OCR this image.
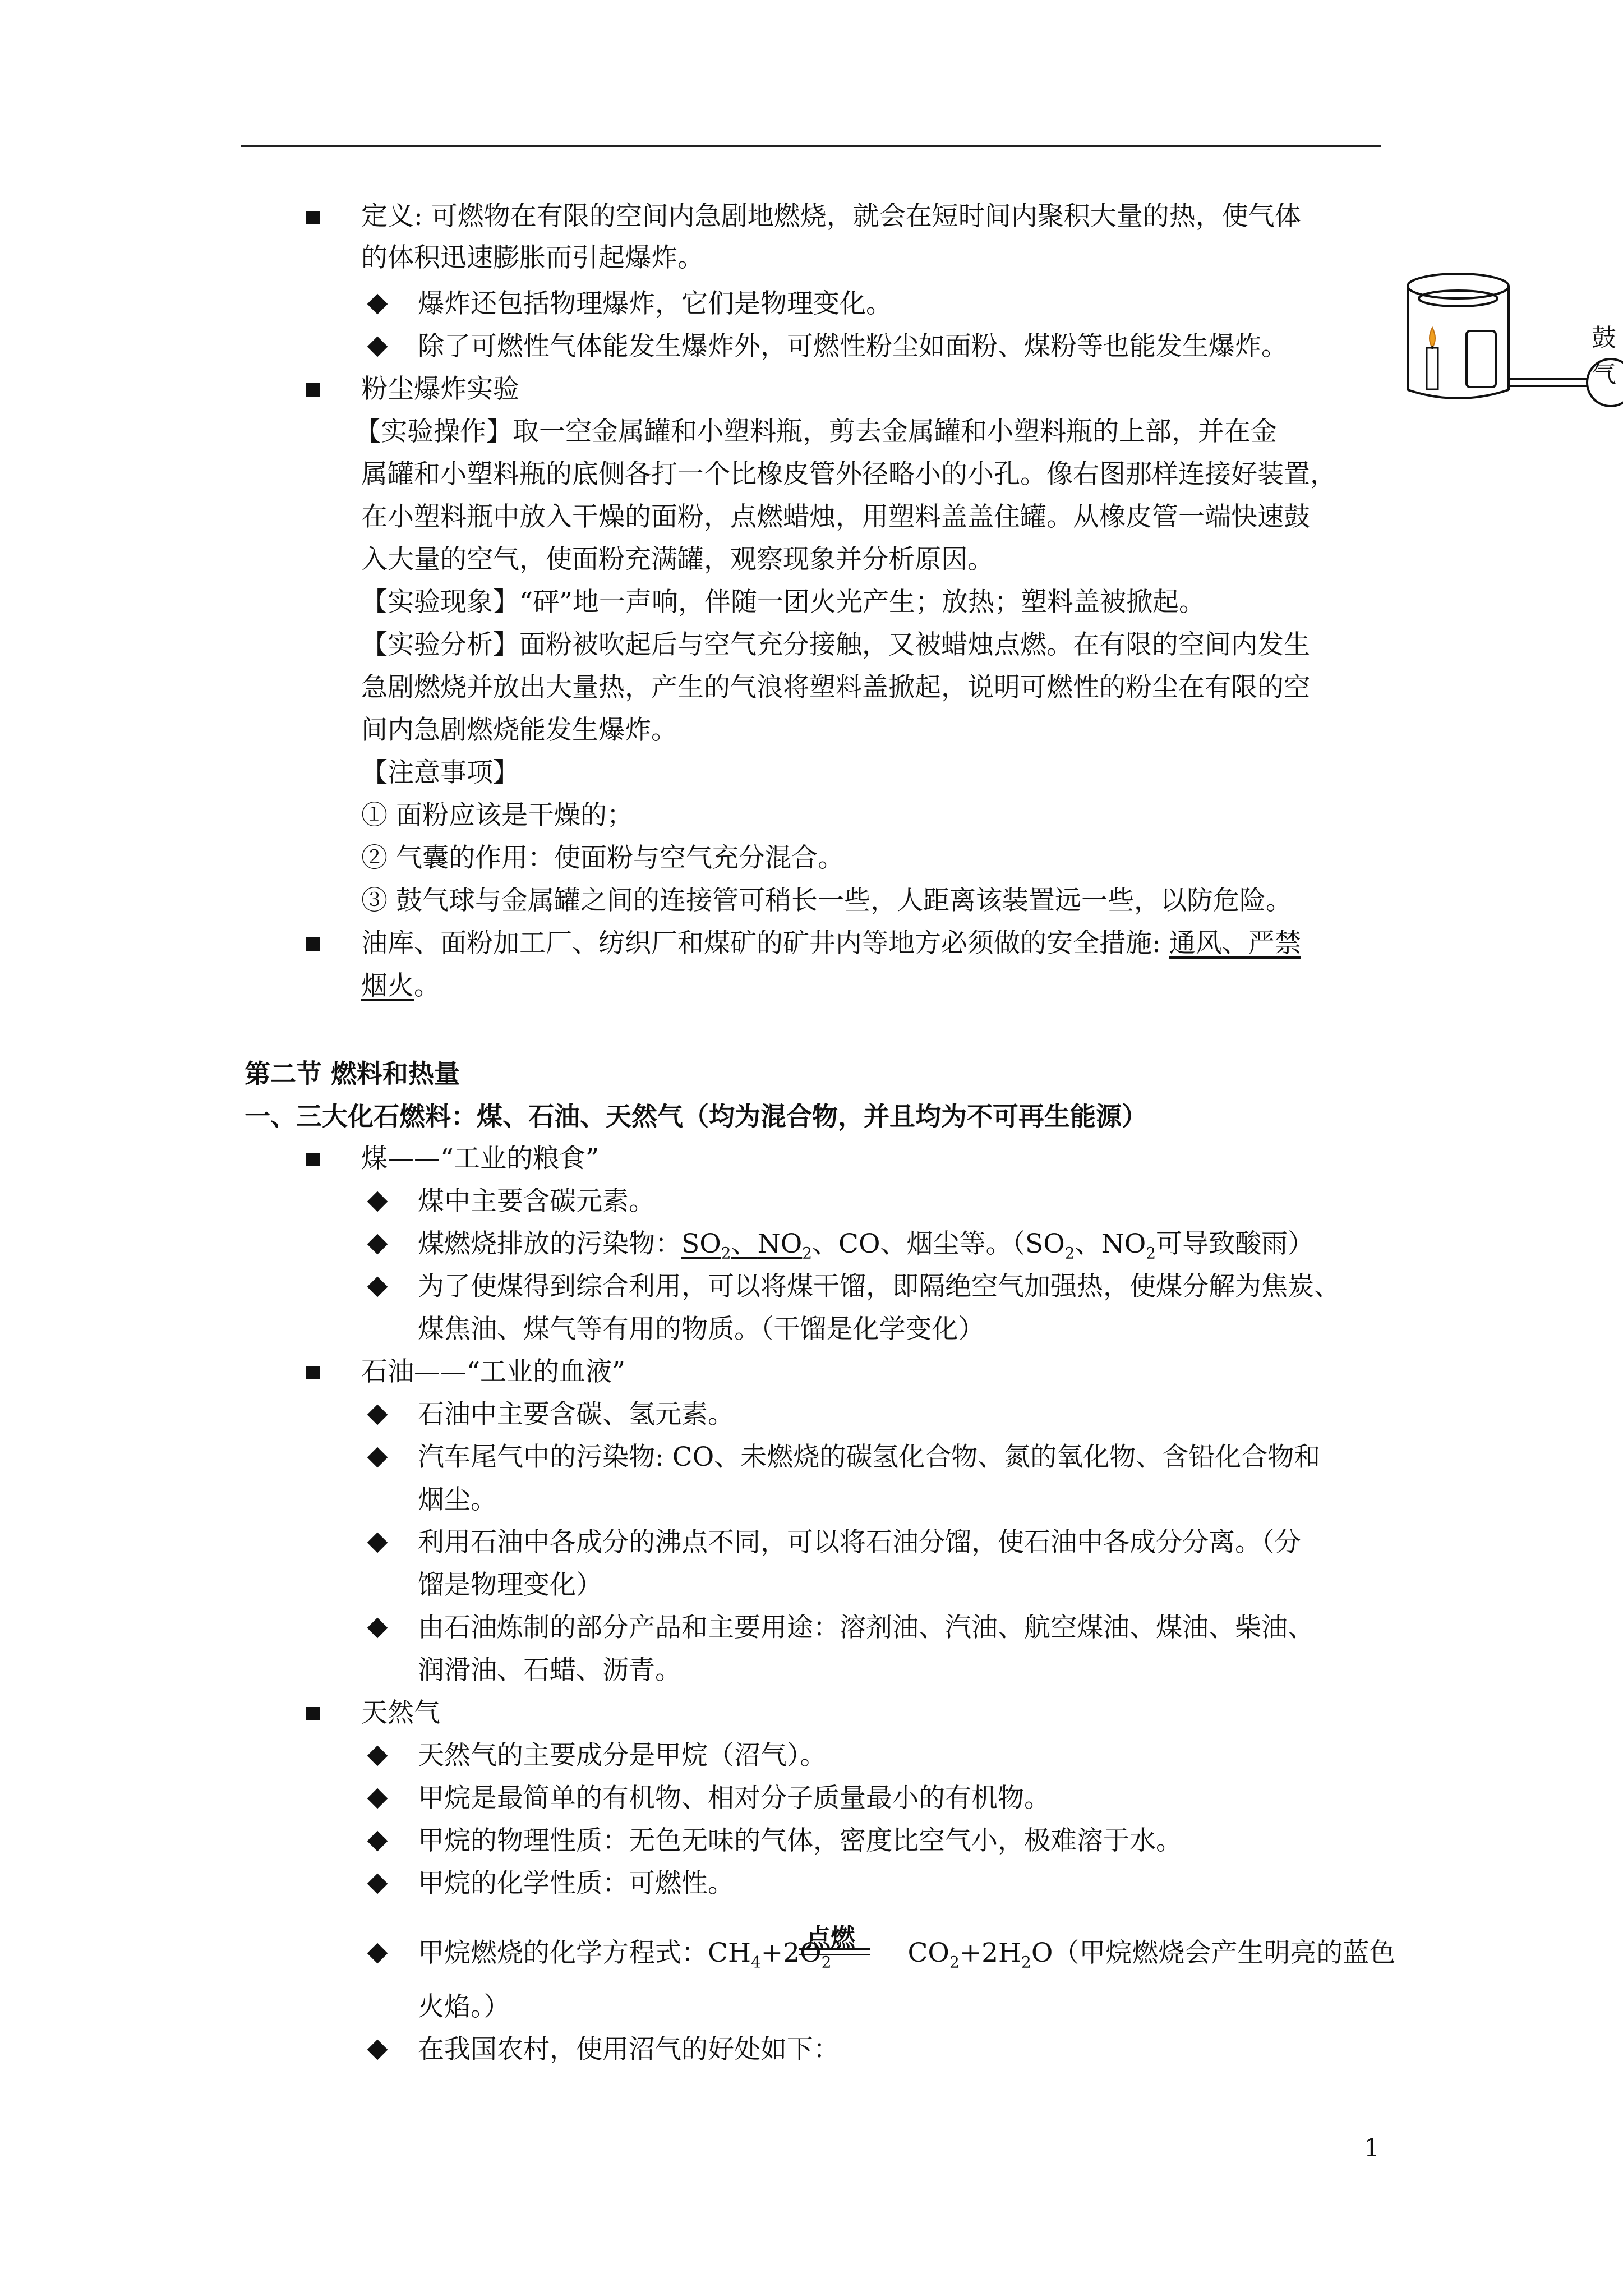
鼓气
定义: 可燃物在有限的空间内急剧地燃烧，就会在短时间内聚积大量的热，使气体
的体积迅速膨胀而引起爆炸。
爆炸还包括物理爆炸，它们是物理变化。
除了可燃性气体能发生爆炸外，可燃性粉尘如面粉、煤粉等也能发生爆炸。
粉尘爆炸实验
【实验操作】取一空金属罐和小塑料瓶，剪去金属罐和小塑料瓶的上部，并在金
属罐和小塑料瓶的底侧各打一个比橡皮管外径略小的小孔。像右图那样连接好装置，
在小塑料瓶中放入干燥的面粉，点燃蜡烛，用塑料盖盖住罐。从橡皮管一端快速鼓
入大量的空气，使面粉充满罐，观察现象并分析原因。
【实验现象】“砰”地一声响，伴随一团火光产生；放热；塑料盖被掀起。
【实验分析】面粉被吹起后与空气充分接触，又被蜡烛点燃。在有限的空间内发生
急剧燃烧并放出大量热，产生的气浪将塑料盖掀起，说明可燃性的粉尘在有限的空
间内急剧燃烧能发生爆炸。
【注意事项】
① 面粉应该是干燥的；
② 气囊的作用：使面粉与空气充分混合。
③ 鼓气球与金属罐之间的连接管可稍长一些，人距离该装置远一些，以防危险。
油库、面粉加工厂、纺织厂和煤矿的矿井内等地方必须做的安全措施: 通风、严禁
烟火。
第二节 燃料和热量
一、三大化石燃料：煤、石油、天然气（均为混合物，并且均为不可再生能源）
煤——“工业的粮食”
煤中主要含碳元素。
煤燃烧排放的污染物：$SO_2$、$NO_2$、CO、烟尘等。（$SO_2$、$NO_2$可导致酸雨）
为了使煤得到综合利用，可以将煤干馏，即隔绝空气加强热，使煤分解为焦炭、
煤焦油、煤气等有用的物质。（干馏是化学变化）
石油——“工业的血液”
石油中主要含碳、氢元素。
汽车尾气中的污染物: CO、未燃烧的碳氢化合物、氮的氧化物、含铅化合物和
烟尘。
利用石油中各成分的沸点不同，可以将石油分馏，使石油中各成分分离。（分
馏是物理变化）
由石油炼制的部分产品和主要用途：溶剂油、汽油、航空煤油、煤油、柴油、
润滑油、石蜡、沥青。
天然气
天然气的主要成分是甲烷（沼气）。
甲烷是最简单的有机物、相对分子质量最小的有机物。
甲烷的物理性质：无色无味的气体，密度比空气小，极难溶于水。
甲烷的化学性质：可燃性。
甲烷燃烧的化学方程式：$CH_4+2O_2$	$CO_2+2H_2O$（甲烷燃烧会产生明亮的蓝色
点燃
火焰。）
在我国农村，使用沼气的好处如下：
1
